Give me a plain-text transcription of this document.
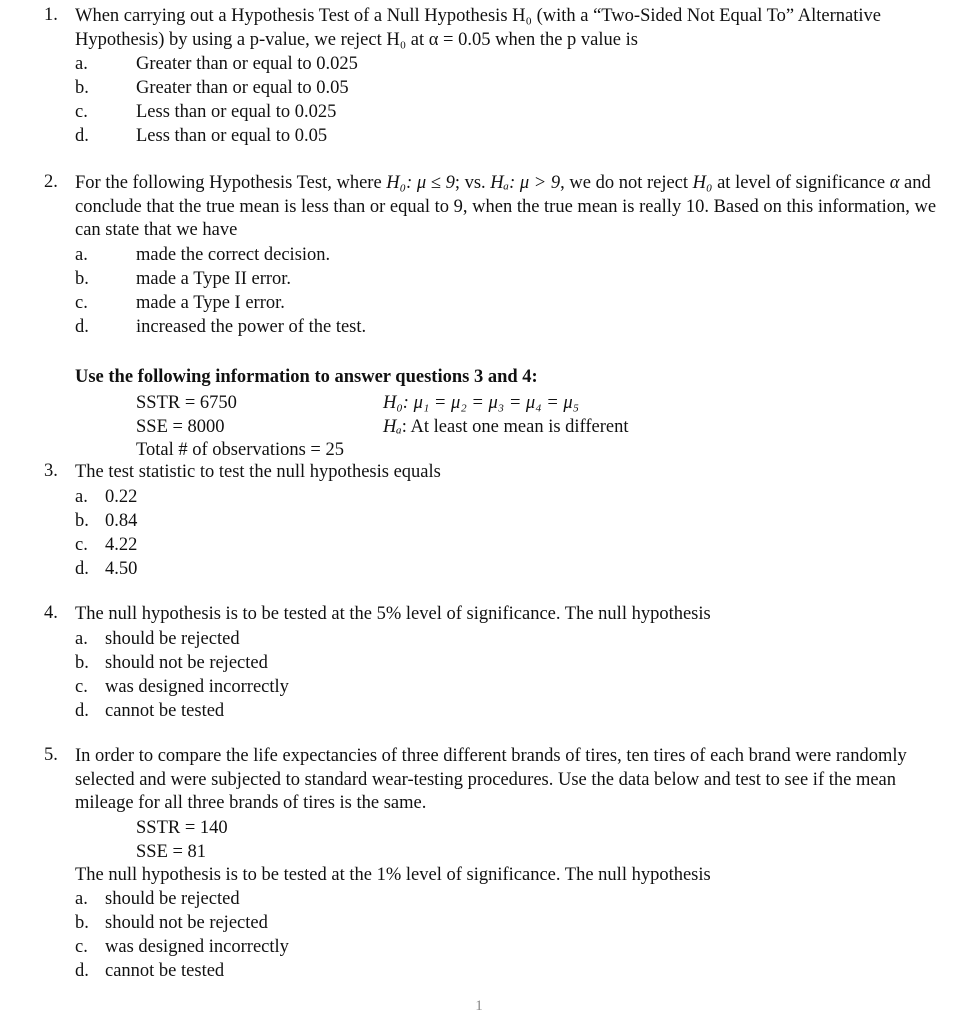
1. When carrying out a Hypothesis Test of a Null Hypothesis H₀ (with a “Two-Sided Not Equal To” Alternative Hypothesis) by using a p-value, we reject H₀ at α = 0.05 when the p value is
a.	Greater than or equal to 0.025
b.	Greater than or equal to 0.05
c.	Less than or equal to 0.025
d.	Less than or equal to 0.05
2. For the following Hypothesis Test, where H₀: μ ≤ 9; vs. Hₐ: μ > 9, we do not reject H₀ at level of significance α and conclude that the true mean is less than or equal to 9, when the true mean is really 10. Based on this information, we can state that we have
a.	made the correct decision.
b.	made a Type II error.
c.	made a Type I error.
d.	increased the power of the test.
Use the following information to answer questions 3 and 4:
SSTR = 6750
SSE = 8000
Total # of observations = 25
H₀: μ₁ = μ₂ = μ₃ = μ₄ = μ₅
Hₐ: At least one mean is different
3. The test statistic to test the null hypothesis equals
a. 0.22
b. 0.84
c. 4.22
d. 4.50
4. The null hypothesis is to be tested at the 5% level of significance. The null hypothesis
a. should be rejected
b. should not be rejected
c. was designed incorrectly
d. cannot be tested
5. In order to compare the life expectancies of three different brands of tires, ten tires of each brand were randomly selected and were subjected to standard wear-testing procedures. Use the data below and test to see if the mean mileage for all three brands of tires is the same.
SSTR = 140
SSE = 81
The null hypothesis is to be tested at the 1% level of significance. The null hypothesis
a. should be rejected
b. should not be rejected
c. was designed incorrectly
d. cannot be tested
1
